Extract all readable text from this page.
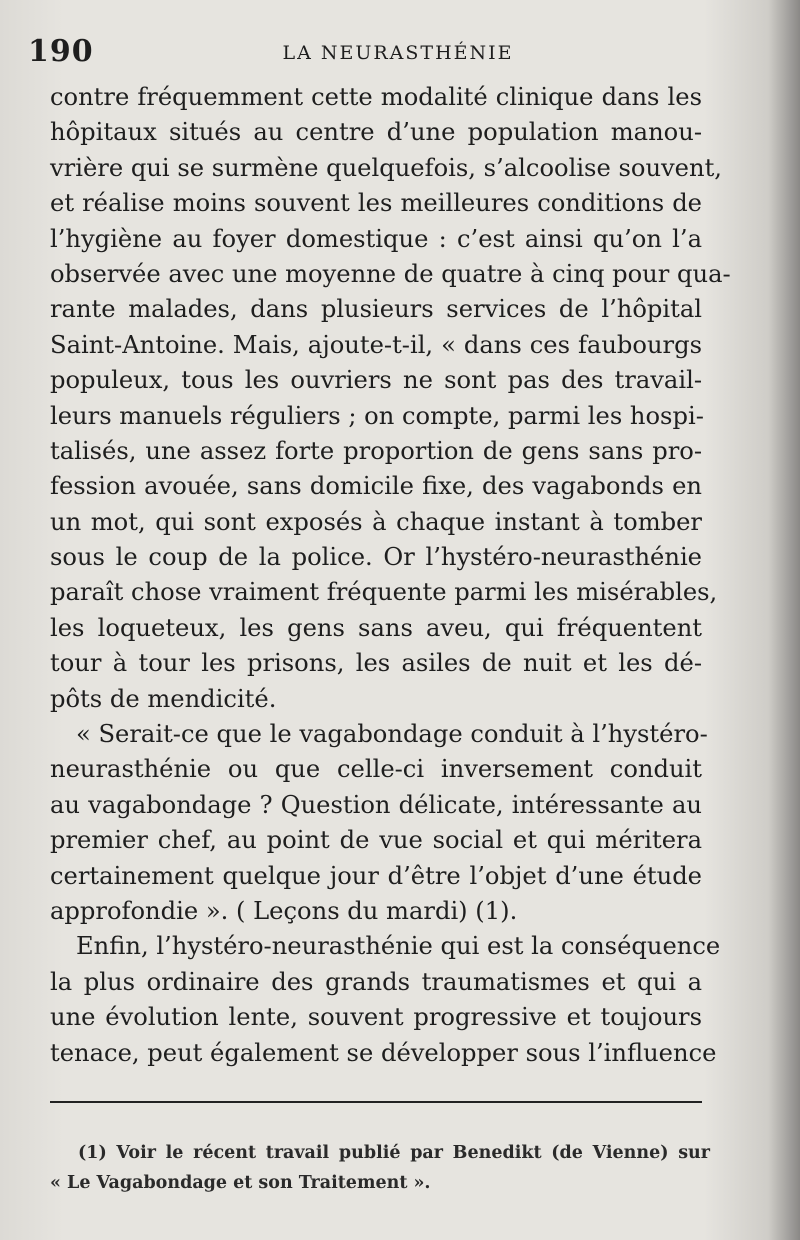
190	LA NEURASTHÉNIE
contre fréquemment cette modalité clinique dans les
hôpitaux situés au centre d’une population manou-
vrière qui se surmène quelquefois, s’alcoolise souvent,
et réalise moins souvent les meilleures conditions de
l’hygiène au foyer domestique : c’est ainsi qu’on l’a
observée avec une moyenne de quatre à cinq pour qua-
rante malades, dans plusieurs services de l’hôpital
Saint-Antoine. Mais, ajoute-t-il, « dans ces faubourgs
populeux, tous les ouvriers ne sont pas des travail-
leurs manuels réguliers ; on compte, parmi les hospi-
talisés, une assez forte proportion de gens sans pro-
fession avouée, sans domicile fixe, des vagabonds en
un mot, qui sont exposés à chaque instant à tomber
sous le coup de la police. Or l’hystéro-neurasthénie
paraît chose vraiment fréquente parmi les misérables,
les loqueteux, les gens sans aveu, qui fréquentent
tour à tour les prisons, les asiles de nuit et les dé-
pôts de mendicité.
« Serait-ce que le vagabondage conduit à l’hystéro-
neurasthénie ou que celle-ci inversement conduit
au vagabondage ? Question délicate, intéressante au
premier chef, au point de vue social et qui méritera
certainement quelque jour d’être l’objet d’une étude
approfondie ». ( Leçons du mardi) (1).
Enfin, l’hystéro-neurasthénie qui est la conséquence
la plus ordinaire des grands traumatismes et qui a
une évolution lente, souvent progressive et toujours
tenace, peut également se développer sous l’influence
(1) Voir le récent travail publié par Benedikt (de Vienne) sur
« Le Vagabondage et son Traitement ».
